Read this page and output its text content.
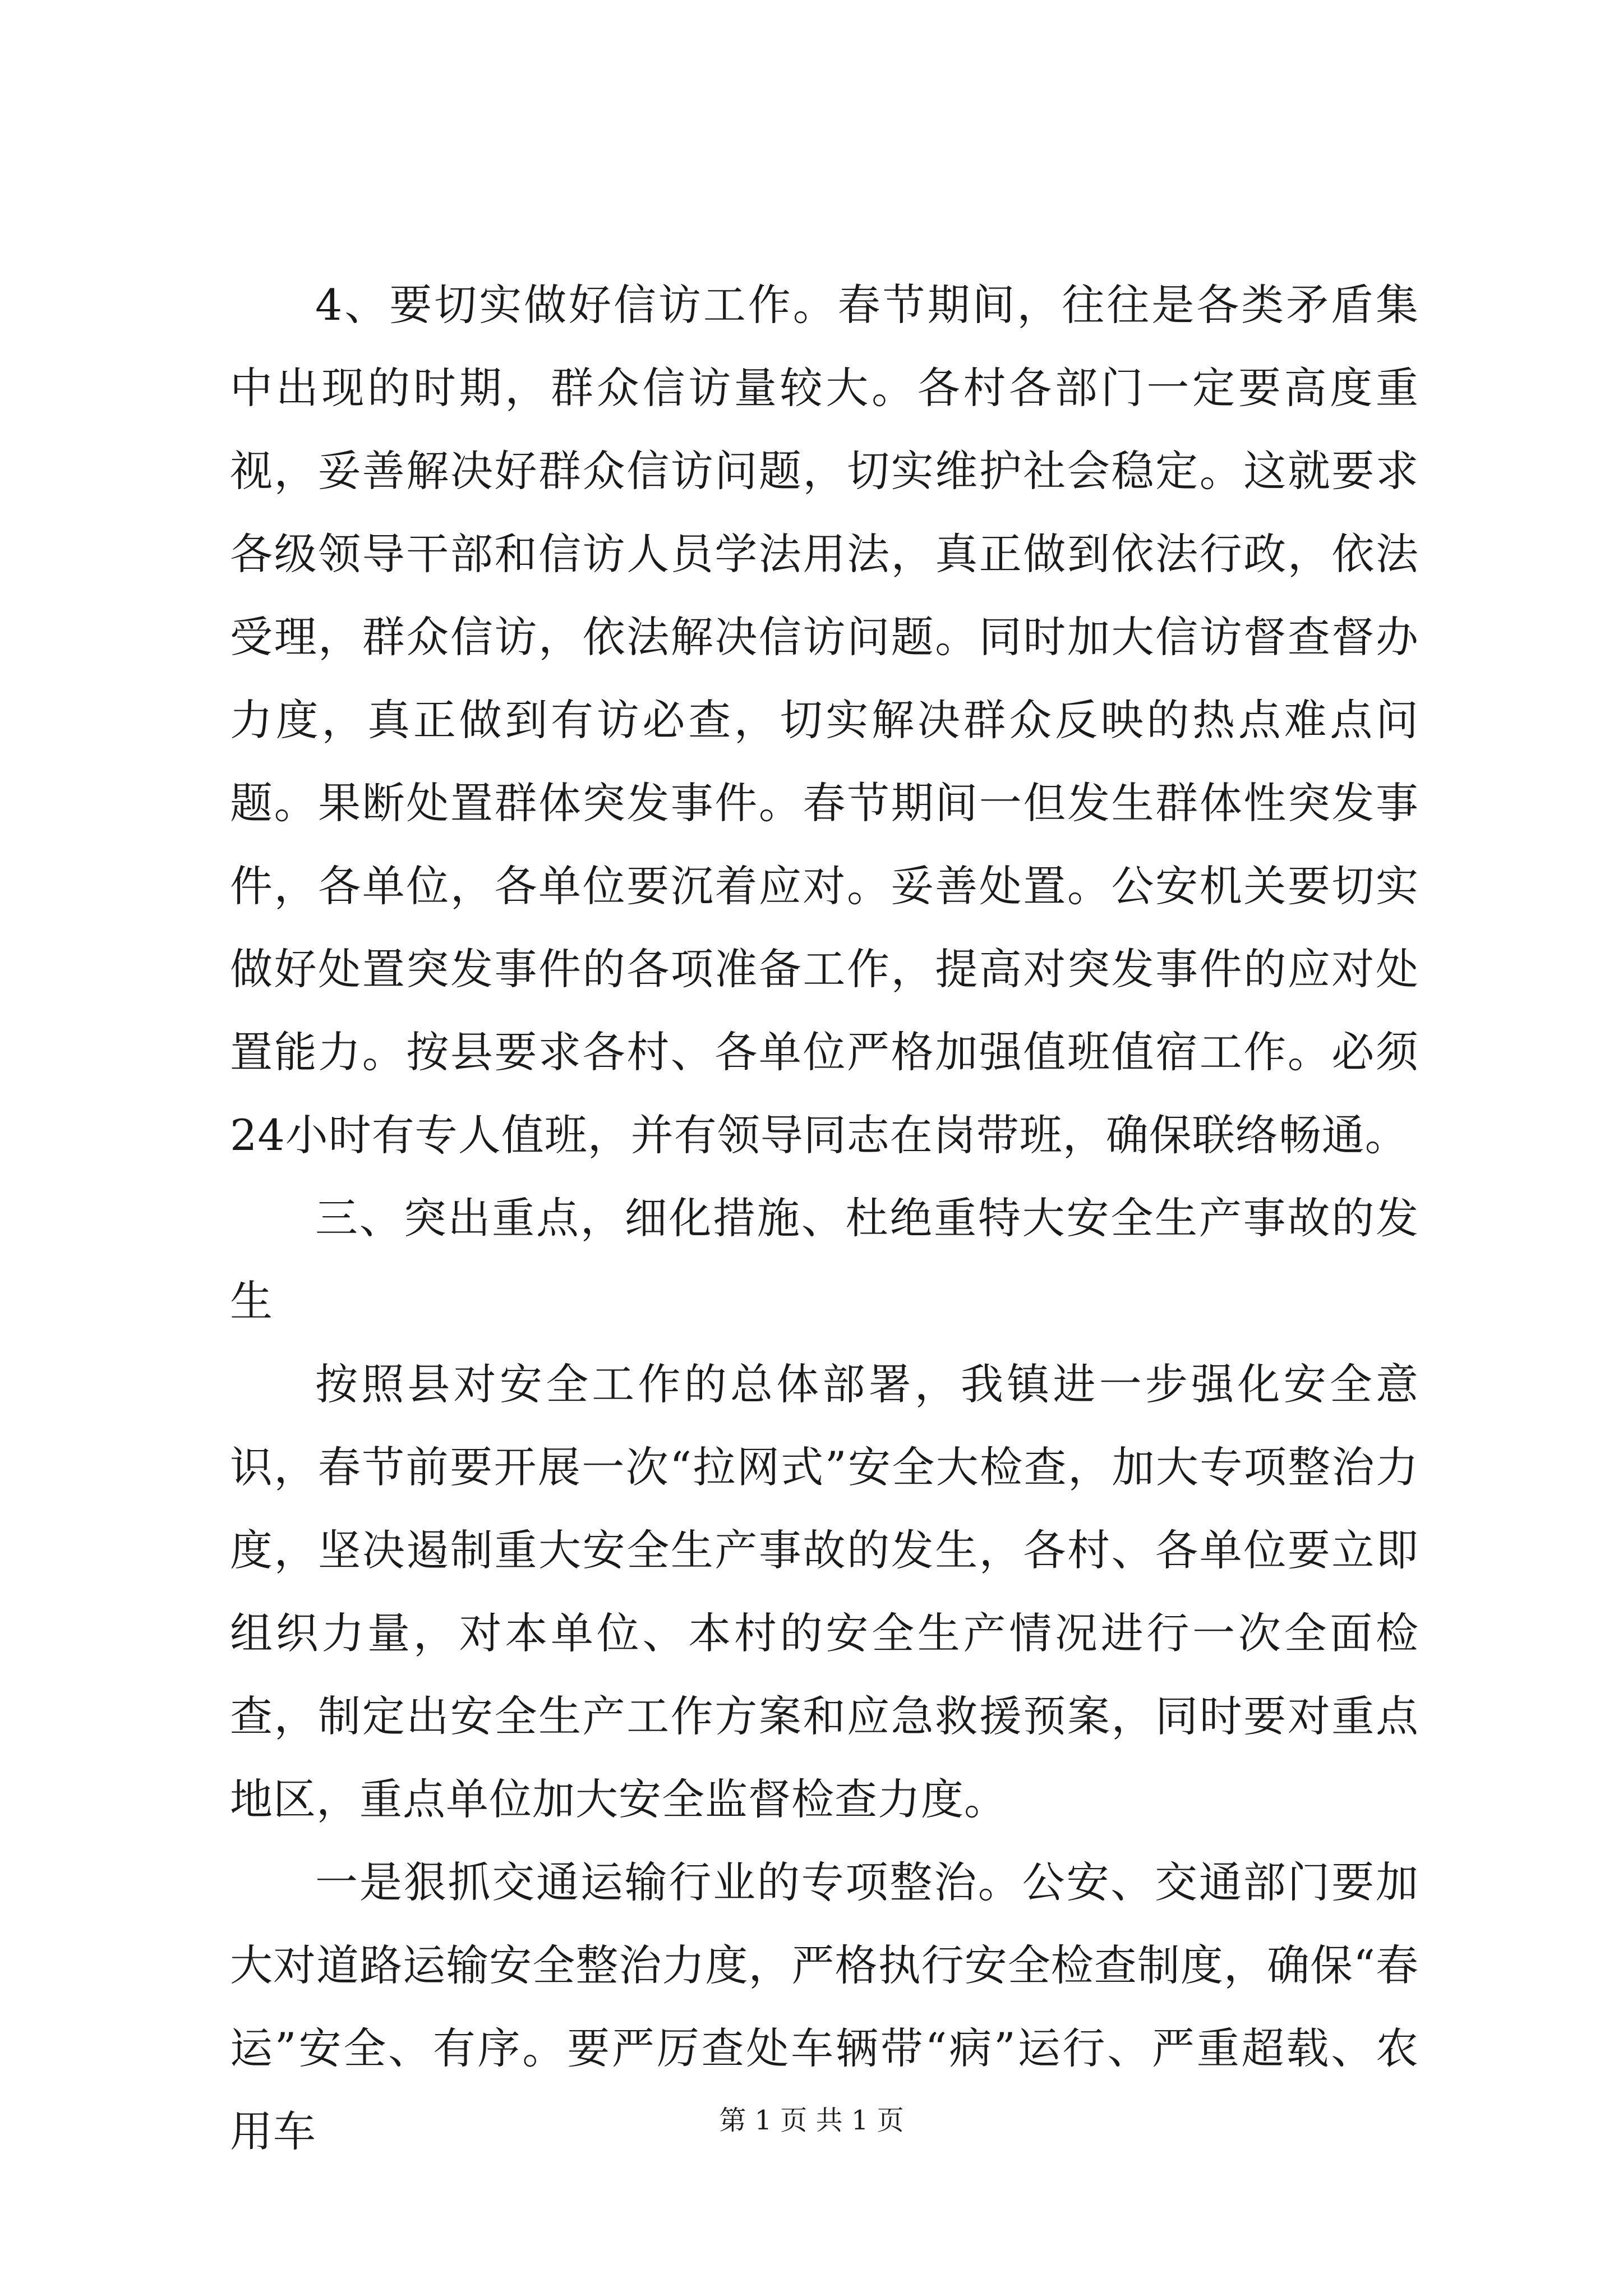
4、要切实做好信访工作。春节期间，往往是各类矛盾集中出现的时期，群众信访量较大。各村各部门一定要高度重视，妥善解决好群众信访问题，切实维护社会稳定。这就要求各级领导干部和信访人员学法用法，真正做到依法行政，依法受理，群众信访，依法解决信访问题。同时加大信访督查督办力度，真正做到有访必查，切实解决群众反映的热点难点问题。果断处置群体突发事件。春节期间一但发生群体性突发事件，各单位，各单位要沉着应对。妥善处置。公安机关要切实做好处置突发事件的各项准备工作，提高对突发事件的应对处置能力。按县要求各村、各单位严格加强值班值宿工作。必须24小时有专人值班，并有领导同志在岗带班，确保联络畅通。

三、突出重点，细化措施、杜绝重特大安全生产事故的发生

按照县对安全工作的总体部署，我镇进一步强化安全意识，春节前要开展一次“拉网式”安全大检查，加大专项整治力度，坚决遏制重大安全生产事故的发生，各村、各单位要立即组织力量，对本单位、本村的安全生产情况进行一次全面检查，制定出安全生产工作方案和应急救援预案，同时要对重点地区，重点单位加大安全监督检查力度。

一是狠抓交通运输行业的专项整治。公安、交通部门要加大对道路运输安全整治力度，严格执行安全检查制度，确保“春运”安全、有序。要严厉查处车辆带“病”运行、严重超载、农用车	第 1 页 共 1 页
